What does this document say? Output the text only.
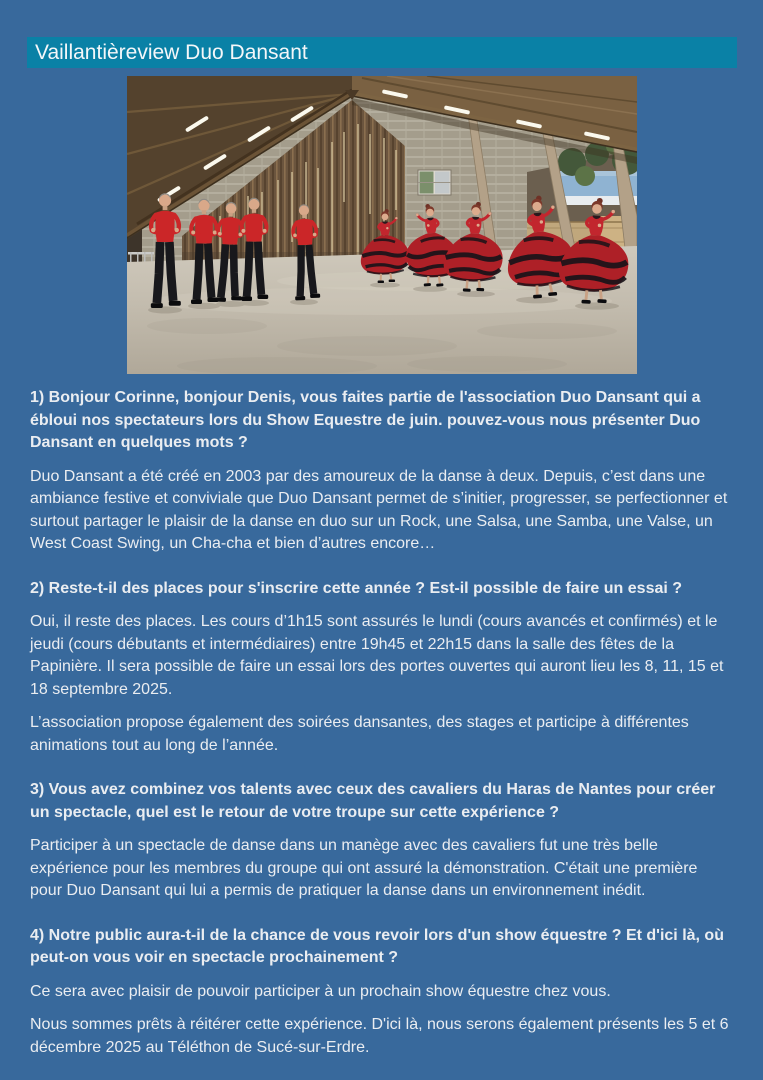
Vaillantièreview Duo Dansant

1) Bonjour Corinne, bonjour Denis, vous faites partie de l'association Duo Dansant qui a ébloui nos spectateurs lors du Show Equestre de juin. pouvez-vous nous présenter Duo Dansant en quelques mots ?

Duo Dansant a été créé en 2003 par des amoureux de la danse à deux. Depuis, c’est dans une ambiance festive et conviviale que Duo Dansant permet de s’initier, progresser, se perfectionner et surtout partager le plaisir de la danse en duo sur un Rock, une Salsa, une Samba, une Valse, un West Coast Swing, un Cha-cha et bien d’autres encore…

2) Reste-t-il des places pour s'inscrire cette année ? Est-il possible de faire un essai ?

Oui, il reste des places. Les cours d’1h15 sont assurés le lundi (cours avancés et confirmés) et le jeudi (cours débutants et intermédiaires) entre 19h45 et 22h15 dans la salle des fêtes de la Papinière. Il sera possible de faire un essai lors des portes ouvertes qui auront lieu les 8, 11, 15 et 18 septembre 2025.

L’association propose également des soirées dansantes, des stages et participe à différentes animations tout au long de l’année.

3) Vous avez combinez vos talents avec ceux des cavaliers du Haras de Nantes pour créer un spectacle, quel est le retour de votre troupe sur cette expérience ?

Participer à un spectacle de danse dans un manège avec des cavaliers fut une très belle expérience pour les membres du groupe qui ont assuré la démonstration. C'était une première pour Duo Dansant qui lui a permis de pratiquer la danse dans un environnement inédit.

4) Notre public aura-t-il de la chance de vous revoir lors d'un show équestre ? Et d'ici là, où peut-on vous voir en spectacle prochainement ?

Ce sera avec plaisir de pouvoir participer à un prochain show équestre chez vous.

Nous sommes prêts à réitérer cette expérience. D'ici là, nous serons également présents les 5 et 6 décembre 2025 au Téléthon de Sucé-sur-Erdre.
